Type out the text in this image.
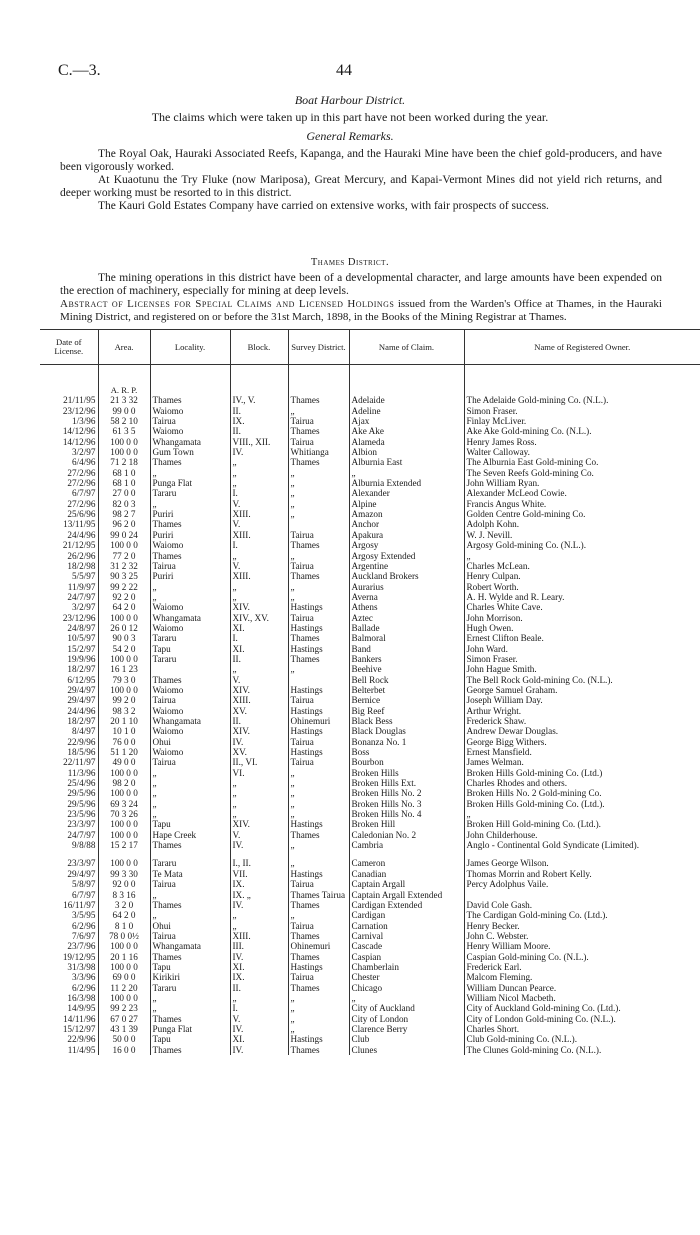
C.—3.	44
Boat Harbour District.
The claims which were taken up in this part have not been worked during the year.
General Remarks.

The Royal Oak, Hauraki Associated Reefs, Kapanga, and the Hauraki Mine have been the chief gold-producers, and have been vigorously worked.

At Kuaotunu the Try Fluke (now Mariposa), Great Mercury, and Kapai-Vermont Mines did not yield rich returns, and deeper working must be resorted to in this district.

The Kauri Gold Estates Company have carried on extensive works, with fair prospects of success.

Thames District.

The mining operations in this district have been of a developmental character, and large amounts have been expended on the erection of machinery, especially for mining at deep levels.

Abstract of Licenses for Special Claims and Licensed Holdings issued from the Warden's Office at Thames, in the Hauraki Mining District, and registered on or before the 31st March, 1898, in the Books of the Mining Registrar at Thames.
Date of License.	Area.	Locality.	Block.	Survey District.	Name of Claim.	Name of Registered Owner.

	A. R. P.					
21/11/95	21 3 32	Thames	IV., V.	Thames	Adelaide	The Adelaide Gold-mining Co. (N.L.).
23/12/96	99 0 0	Waiomo	II.	„	Adeline	Simon Fraser.
1/3/96	58 2 10	Tairua	IX.	Tairua	Ajax	Finlay McLiver.
14/12/96	61 3 5	Waiomo	II.	Thames	Ake Ake	Ake Ake Gold-mining Co. (N.L.).
14/12/96	100 0 0	Whangamata	VIII., XII.	Tairua	Alameda	Henry James Ross.
3/2/97	100 0 0	Gum Town	IV.	Whitianga	Albion	Walter Calloway.
6/4/96	71 2 18	Thames	„	Thames	Alburnia East	The Alburnia East Gold-mining Co.
27/2/96	68 1 0	„	„	„	„	The Seven Reefs Gold-mining Co.
27/2/96	68 1 0	Punga Flat	„	„	Alburnia Extended	John William Ryan.
6/7/97	27 0 0	Tararu	I.	„	Alexander	Alexander McLeod Cowie.
27/2/96	82 0 3	„	V.	„	Alpine	Francis Angus White.
25/6/96	98 2 7	Puriri	XIII.	„	Amazon	Golden Centre Gold-mining Co.
13/11/95	96 2 0	Thames	V.		Anchor	Adolph Kohn.
24/4/96	99 0 24	Puriri	XIII.	Tairua	Apakura	W. J. Nevill.
21/12/95	100 0 0	Waiomo	I.	Thames	Argosy	Argosy Gold-mining Co. (N.L.).
26/2/96	77 2 0	Thames	„	„	Argosy Extended	„
18/2/98	31 2 32	Tairua	V.	Tairua	Argentine	Charles McLean.
5/5/97	90 3 25	Puriri	XIII.	Thames	Auckland Brokers	Henry Culpan.
11/9/97	99 2 22	„	„	„	Aurarius	Robert Worth.
24/7/97	92 2 0	„	„	„	Averna	A. H. Wylde and R. Leary.
3/2/97	64 2 0	Waiomo	XIV.	Hastings	Athens	Charles White Cave.
23/12/96	100 0 0	Whangamata	XIV., XV.	Tairua	Aztec	John Morrison.
24/8/97	26 0 12	Waiomo	XI.	Hastings	Ballade	Hugh Owen.
10/5/97	90 0 3	Tararu	I.	Thames	Balmoral	Ernest Clifton Beale.
15/2/97	54 2 0	Tapu	XI.	Hastings	Band	John Ward.
19/9/96	100 0 0	Tararu	II.	Thames	Bankers	Simon Fraser.
18/2/97	16 1 23		„	„	Beehive	John Hague Smith.
6/12/95	79 3 0	Thames	V.		Bell Rock	The Bell Rock Gold-mining Co. (N.L.).
29/4/97	100 0 0	Waiomo	XIV.	Hastings	Belterbet	George Samuel Graham.
29/4/97	99 2 0	Tairua	XIII.	Tairua	Bernice	Joseph William Day.
24/4/96	98 3 2	Waiomo	XV.	Hastings	Big Reef	Arthur Wright.
18/2/97	20 1 10	Whangamata	II.	Ohinemuri	Black Bess	Frederick Shaw.
8/4/97	10 1 0	Waiomo	XIV.	Hastings	Black Douglas	Andrew Dewar Douglas.
22/9/96	76 0 0	Ohui	IV.	Tairua	Bonanza No. 1	George Bigg Withers.
18/5/96	51 1 20	Waiomo	XV.	Hastings	Boss	Ernest Mansfield.
22/11/97	49 0 0	Tairua	II., VI.	Tairua	Bourbon	James Welman.
11/3/96	100 0 0	„	VI.	„	Broken Hills	Broken Hills Gold-mining Co. (Ltd.)
25/4/96	98 2 0	„	„	„	Broken Hills Ext.	Charles Rhodes and others.
29/5/96	100 0 0	„	„	„	Broken Hills No. 2	Broken Hills No. 2 Gold-mining Co.
29/5/96	69 3 24	„	„	„	Broken Hills No. 3	Broken Hills Gold-mining Co. (Ltd.).
23/5/96	70 3 26	„	„	„	Broken Hills No. 4	„
23/3/97	100 0 0	Tapu	XIV.	Hastings	Broken Hill	Broken Hill Gold-mining Co. (Ltd.).
24/7/97	100 0 0	Hape Creek	V.	Thames	Caledonian No. 2	John Childerhouse.
9/8/88	15 2 17	Thames	IV.	„	Cambria	Anglo - Continental Gold Syndicate (Limited).

23/3/97	100 0 0	Tararu	I., II.	„	Cameron	James George Wilson.
29/4/97	99 3 30	Te Mata	VII.	Hastings	Canadian	Thomas Morrin and Robert Kelly.
5/8/97	92 0 0	Tairua	IX.	Tairua	Captain Argall	Percy Adolphus Vaile.
6/7/97	8 3 16	„	IX. „	Thames Tairua	Captain Argall Extended	
16/11/97	3 2 0	Thames	IV.	Thames	Cardigan Extended	David Cole Gash.
3/5/95	64 2 0	„	„	„	Cardigan	The Cardigan Gold-mining Co. (Ltd.).
6/2/96	8 1 0	Ohui	„	Tairua	Carnation	Henry Becker.
7/6/97	78 0 0½	Tairua	XIII.	Thames	Carnival	John C. Webster.
23/7/96	100 0 0	Whangamata	III.	Ohinemuri	Cascade	Henry William Moore.
19/12/95	20 1 16	Thames	IV.	Thames	Caspian	Caspian Gold-mining Co. (N.L.).
31/3/98	100 0 0	Tapu	XI.	Hastings	Chamberlain	Frederick Earl.
3/3/96	69 0 0	Kirikiri	IX.	Tairua	Chester	Malcom Fleming.
6/2/96	11 2 20	Tararu	II.	Thames	Chicago	William Duncan Pearce.
16/3/98	100 0 0	„	„	„	„	William Nicol Macbeth.
14/9/95	99 2 23	„	I.	„	City of Auckland	City of Auckland Gold-mining Co. (Ltd.).
14/11/96	67 0 27	Thames	V.	„	City of London	City of London Gold-mining Co. (N.L.).
15/12/97	43 1 39	Punga Flat	IV.	„	Clarence Berry	Charles Short.
22/9/96	50 0 0	Tapu	XI.	Hastings	Club	Club Gold-mining Co. (N.L.).
11/4/95	16 0 0	Thames	IV.	Thames	Clunes	The Clunes Gold-mining Co. (N.L.).
